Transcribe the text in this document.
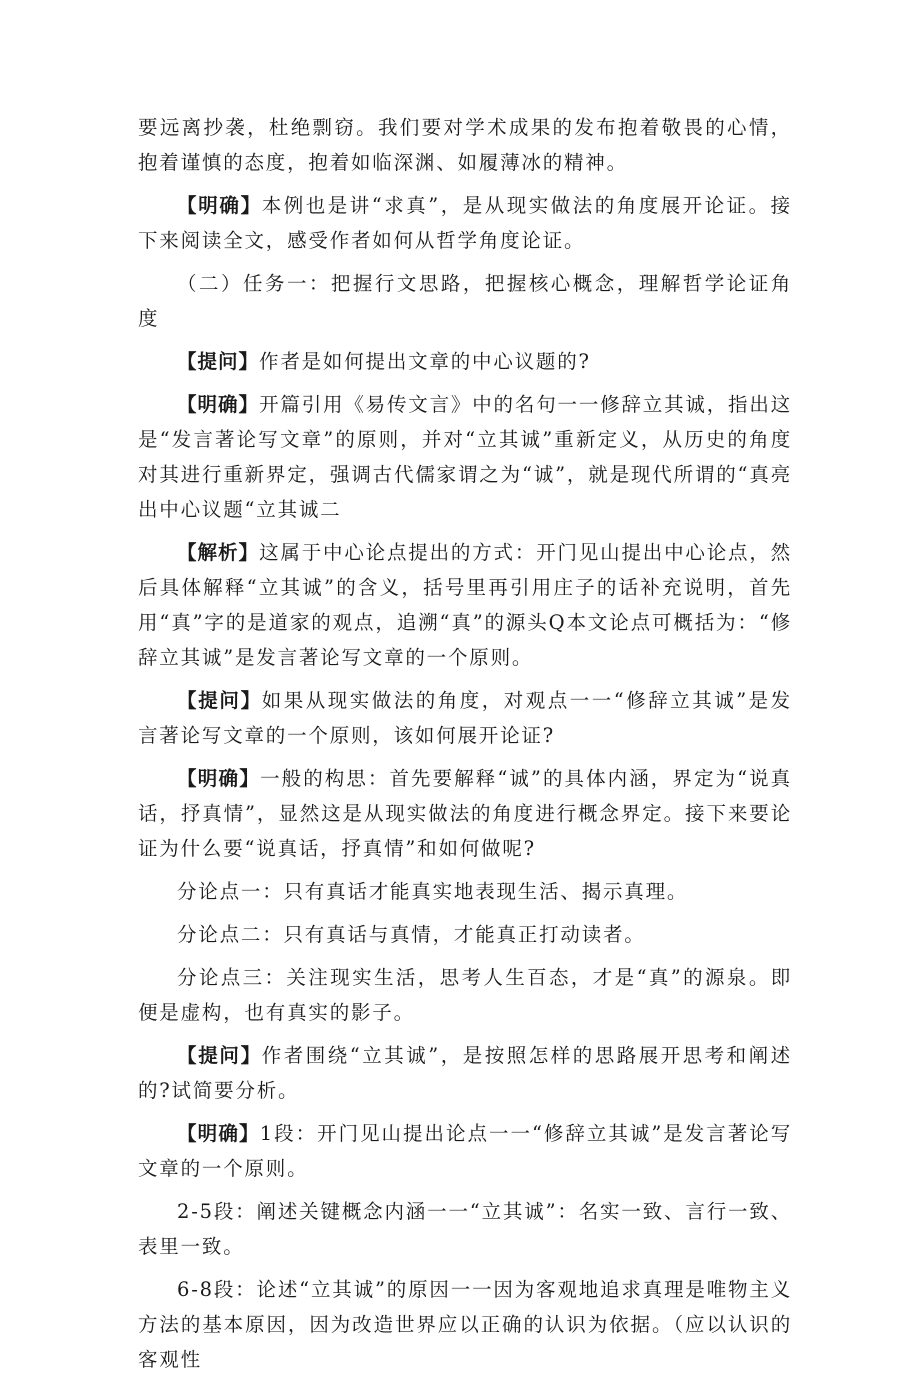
要远离抄袭，杜绝剽窃。我们要对学术成果的发布抱着敬畏的心情，抱着谨慎的态度，抱着如临深渊、如履薄冰的精神。

【明确】本例也是讲“求真”，是从现实做法的角度展开论证。接下来阅读全文，感受作者如何从哲学角度论证。

（二）任务一：把握行文思路，把握核心概念，理解哲学论证角度

【提问】作者是如何提出文章的中心议题的?

【明确】开篇引用《易传文言》中的名句一一修辞立其诚，指出这是“发言著论写文章”的原则，并对“立其诚”重新定义，从历史的角度对其进行重新界定，强调古代儒家谓之为“诚”，就是现代所谓的“真亮出中心议题“立其诚二

【解析】这属于中心论点提出的方式：开门见山提出中心论点，然后具体解释“立其诚”的含义，括号里再引用庄子的话补充说明，首先用“真”字的是道家的观点，追溯“真”的源头Q本文论点可概括为：“修辞立其诚”是发言著论写文章的一个原则。

【提问】如果从现实做法的角度，对观点一一“修辞立其诚”是发言著论写文章的一个原则，该如何展开论证?

【明确】一般的构思：首先要解释“诚”的具体内涵，界定为“说真话，抒真情”，显然这是从现实做法的角度进行概念界定。接下来要论证为什么要“说真话，抒真情”和如何做呢?

分论点一：只有真话才能真实地表现生活、揭示真理。

分论点二：只有真话与真情，才能真正打动读者。

分论点三：关注现实生活，思考人生百态，才是“真”的源泉。即便是虚构，也有真实的影子。

【提问】作者围绕“立其诚”，是按照怎样的思路展开思考和阐述的?试简要分析。

【明确】1段：开门见山提出论点一一“修辞立其诚”是发言著论写文章的一个原则。

2-5段：阐述关键概念内涵一一“立其诚”：名实一致、言行一致、表里一致。

6-8段：论述“立其诚”的原因一一因为客观地追求真理是唯物主义方法的基本原因，因为改造世界应以正确的认识为依据。（应以认识的客观性
